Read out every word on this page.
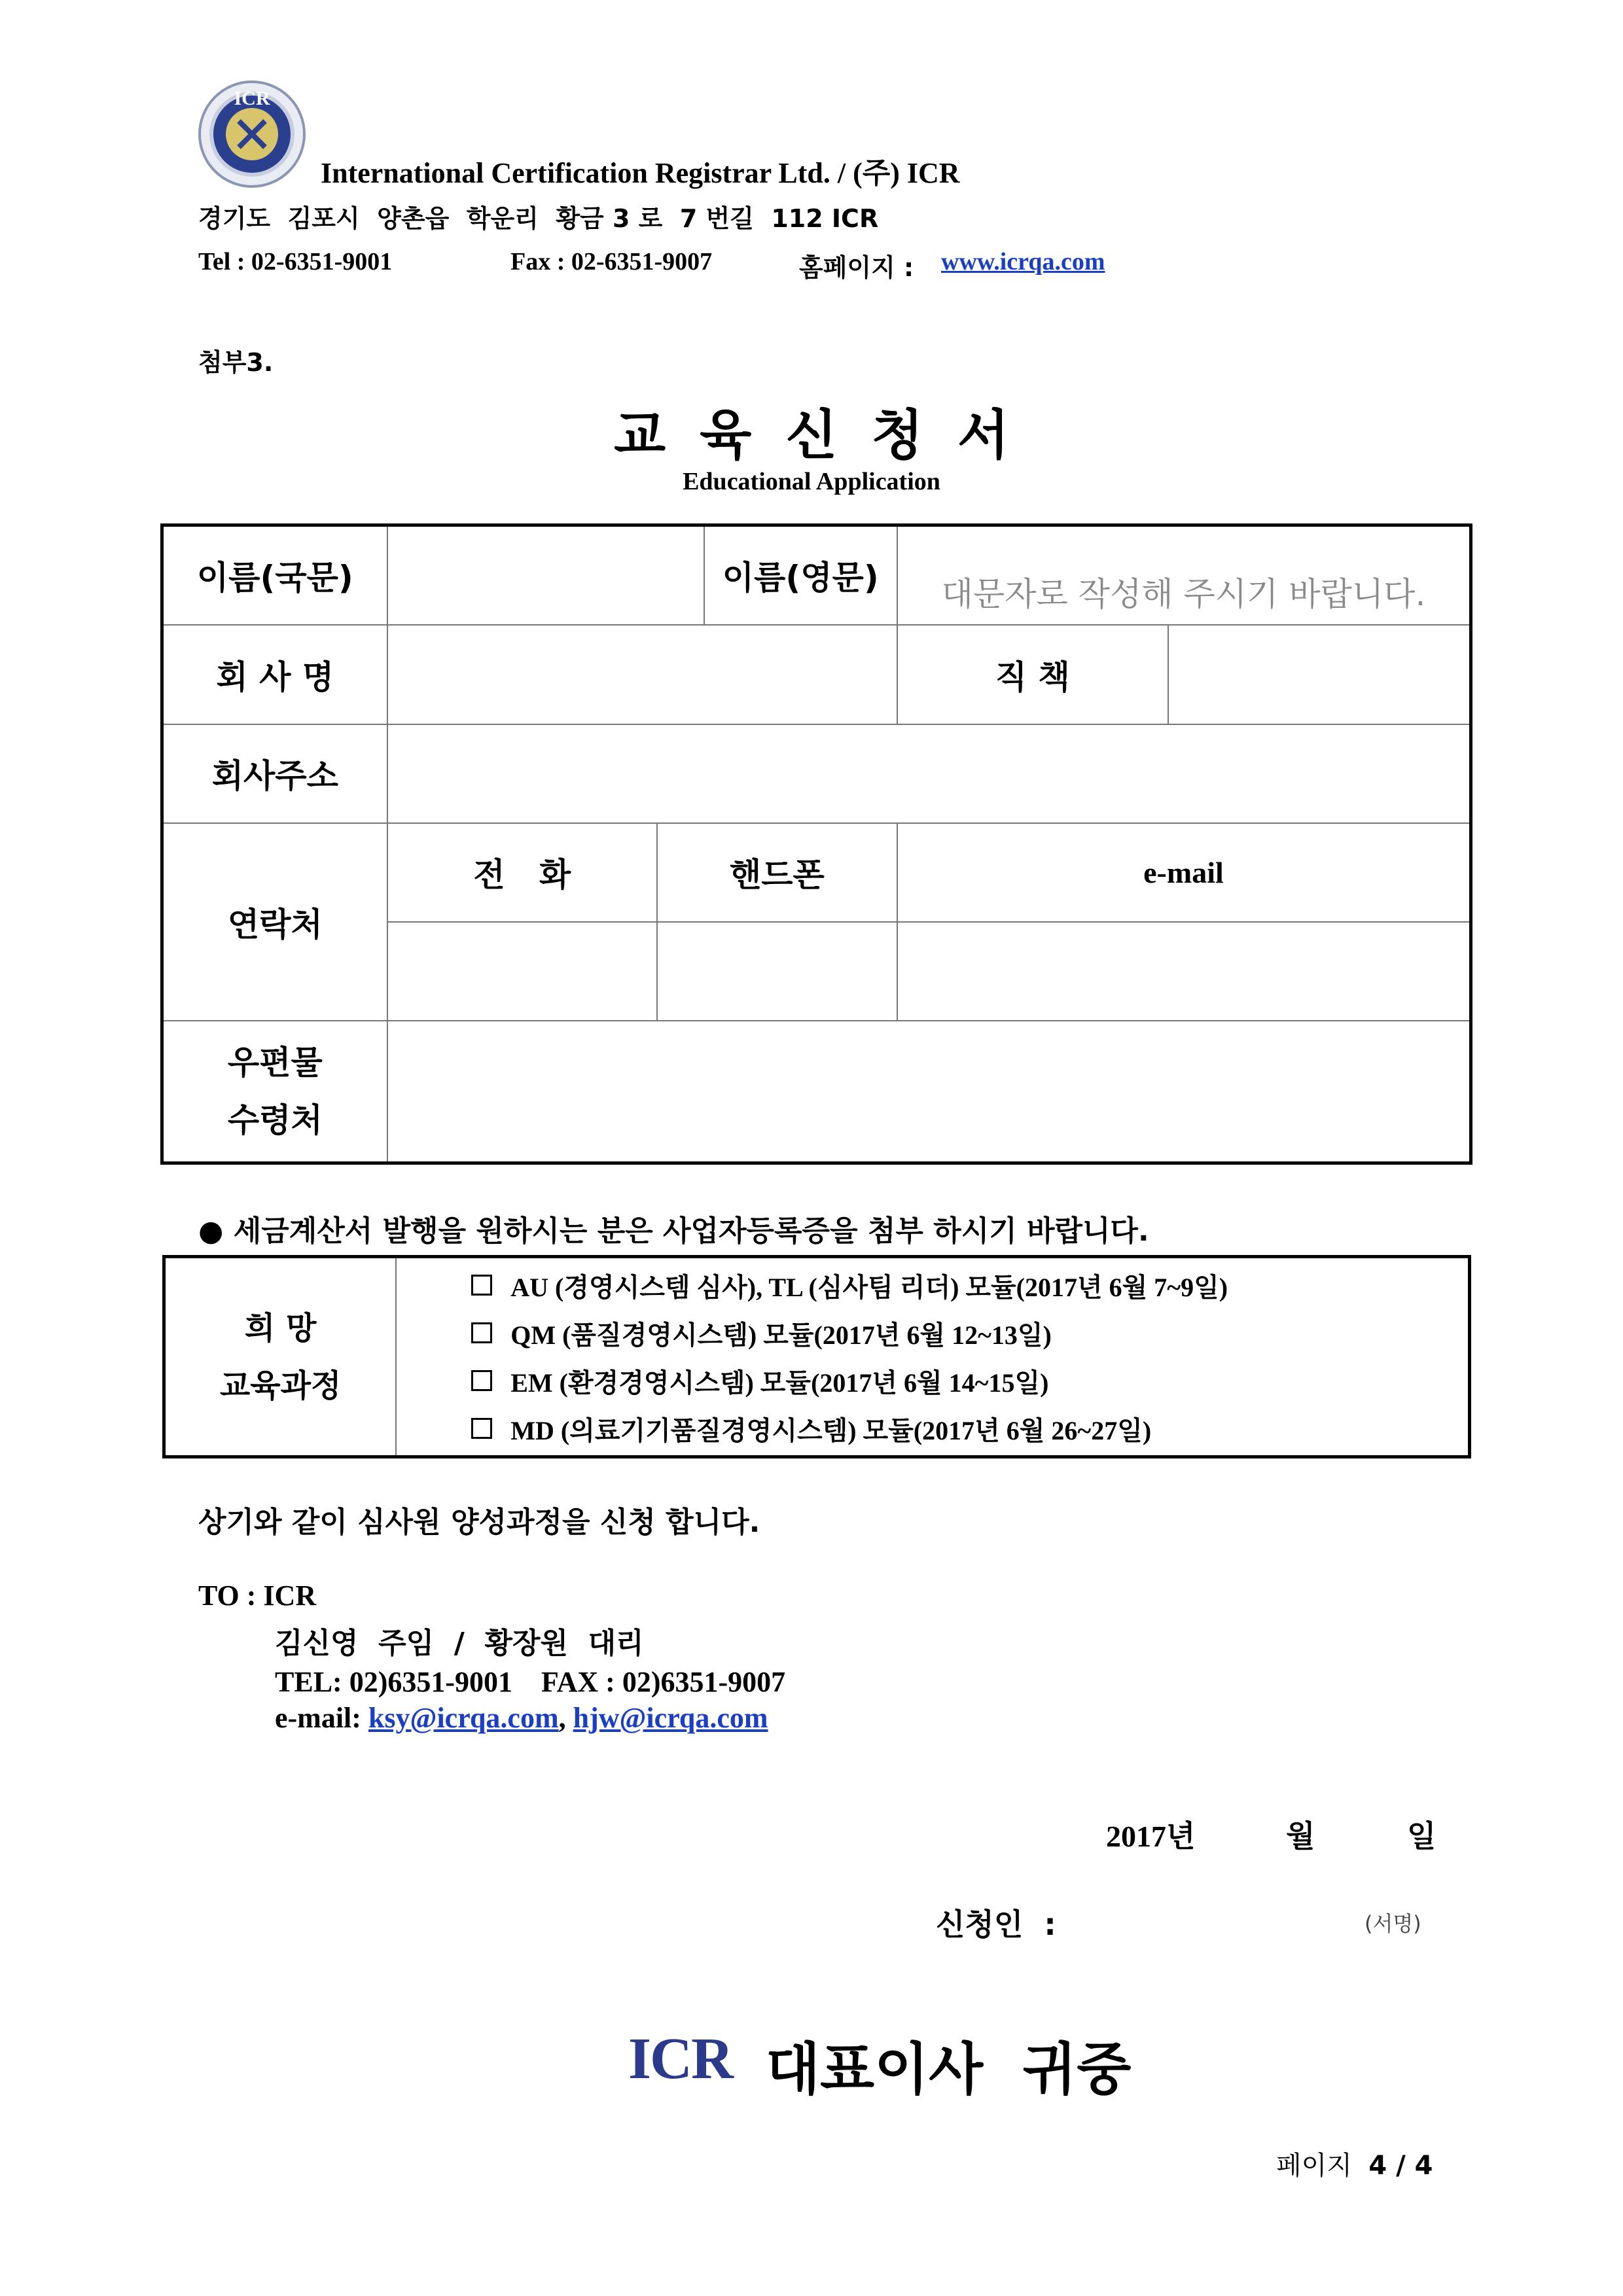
ICR
International Certification Registrar Ltd. / (주) ICR
경기도  김포시  양촌읍  학운리  황금 3 로  7 번길  112 ICR
Tel : 02-6351-9001	Fax : 02-6351-9007	홈페이지 : www.icrqa.com
첨부3.
교육신청서
Educational Application
이름(국문)			이름(영문)	대문자로 작성해 주시기 바랍니다.	
회 사 명				직 책	
회사주소					
연락처	전   화	핸드폰		e-mail	

우편물
수령처					

● 세금계산서 발행을 원하시는 분은 사업자등록증을 첨부 하시기 바랍니다.
희 망
교육과정

AU (경영시스템 심사), TL (심사팀 리더) 모듈(2017년 6월 7~9일)
QM (품질경영시스템) 모듈(2017년 6월 12~13일)
EM (환경경영시스템) 모듈(2017년 6월 14~15일)
MD (의료기기품질경영시스템) 모듈(2017년 6월 26~27일)
상기와 같이 심사원 양성과정을 신청 합니다.
TO : ICR
김신영  주임  /  황장원  대리
TEL: 02)6351-9001    FAX : 02)6351-9007
e-mail: ksy@icrqa.com, hjw@icrqa.com
2017년	월	일
신청인  :	(서명)
ICR 대표이사  귀중
페이지  4 / 4
